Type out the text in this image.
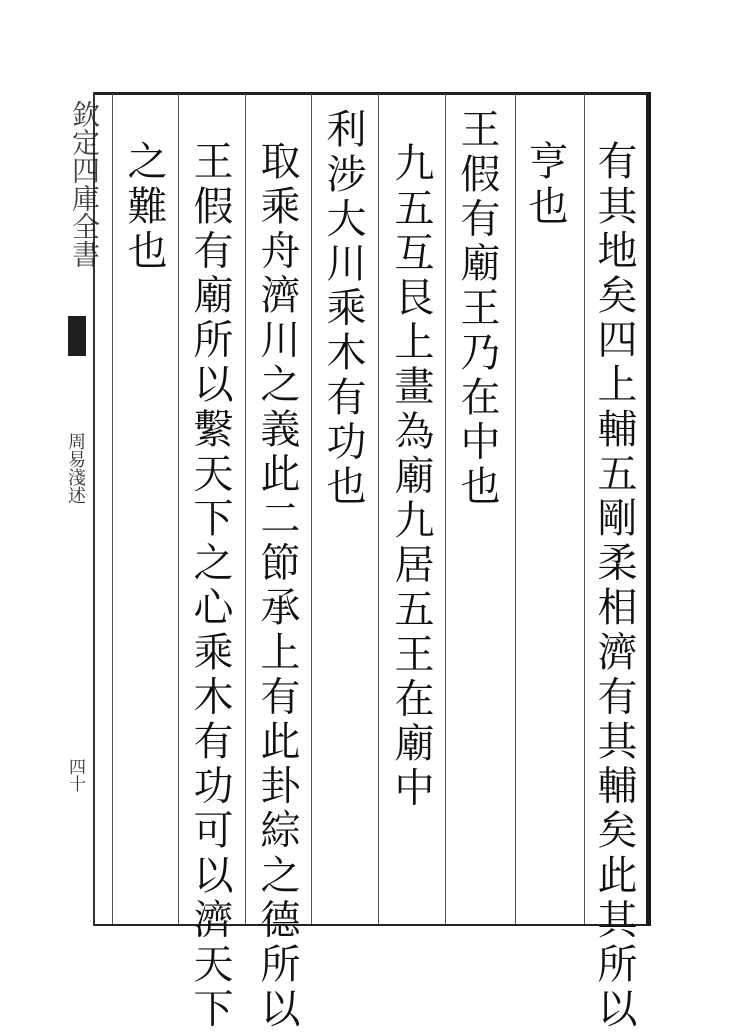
欽定四庫全書
周易淺述
四十	有其地矣四上輔五剛柔相濟有其輔矣此其所以
亨也
王假有廟王乃在中也
九五互艮上畫為廟九居五王在廟中
利涉大川乘木有功也
取乘舟濟川之義此二節承上有此卦綜之德所以
王假有廟所以繫天下之心乘木有功可以濟天下
之難也
